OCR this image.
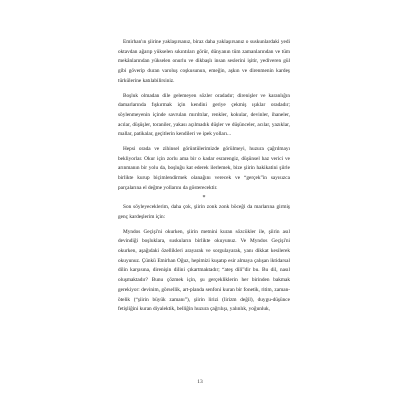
Emirhan'ın şiirine yaklaşırsanız, biraz daha yaklaşırsanız o suskunlardaki yedi oktavdan ağarıp yükselen sıkıntıları görür, dünyanın tüm zamanlarından ve tüm mekânlarından yükselen onurlu ve dikbaşlı insan seslerini işitir, yediveren gül gibi göverip duran varoluş coşkusunun, emeğin, aşkın ve direnmenin kardeş türkülerine katılabilirsiniz.

Boşluk olmadan dile gelemeyen sözler oradadır; direnişler ve karanlığın damarlarında fışkırmak için kendini geriye çekmiş ışıklar oradadır; söylenmeyenin içinde savrulan mırıltılar, renkler, kokular, devinler, ihaneler, acılar, düşüşler, toraniler, yakası açılmadık düşler ve düşünceler, acılar, yazıklar, mallar, patikalar, geçitlerin kendileri ve ipek yolları...

Hepsi orada ve zihinsel görüntülerimizde görülmeyi, huzura çağrılmayı bekliyorlar. Okur için zorlu ama bir o kadar esrarengiz, düşünsel haz verici ve arınmanın bir yolu da, boşluğu kat ederek ilerlemek, bize şiirin hakikatini şiirle birlikte kurup biçimlendirmek olanağını verecek ve “gerçek”in sayısızca parçalarına el değme yollarını da gösterecektir.

*

Son söyleyeceklerim, daha çok, şiirin zonk zonk böceği da marlarına girmiş genç kardeşlerim için:

Myndos Geçişi'ni okurken, şiirin metnini kuran sözcükler ile, şiirin asıl devindiği boşluklara, suskuların birlikte okuyunuz. Ve Myndos Geçişi'ni okurken, aşağıdaki özellikleri arayarak ve sorgulayarak, yanı dikkat kesilerek okuyunuz. Çünkü Emirhan Oğuz, hepimizi kuşatıp esir almaya çalışan iktidarsal dilin karşısına, direnişin dilini çıkartmaktadır; “ateş dili”dir bu. Bu dil, nasıl oluşmaktadır? Bunu çözmek için, şu gerçekliklerin her birinden bakmak gerekiyor: devinim, görsellik, art-planda senfoni kuran bir fonetik, ritim, zaman-ötelik (“şiirin büyük zamanı”), şiirin lirizi (lirizm değil), duygu-düşünce fetişliğini kuran diyalektik, belliğin huzura çağrılışı, yalınlık, yoğunluk,

13
